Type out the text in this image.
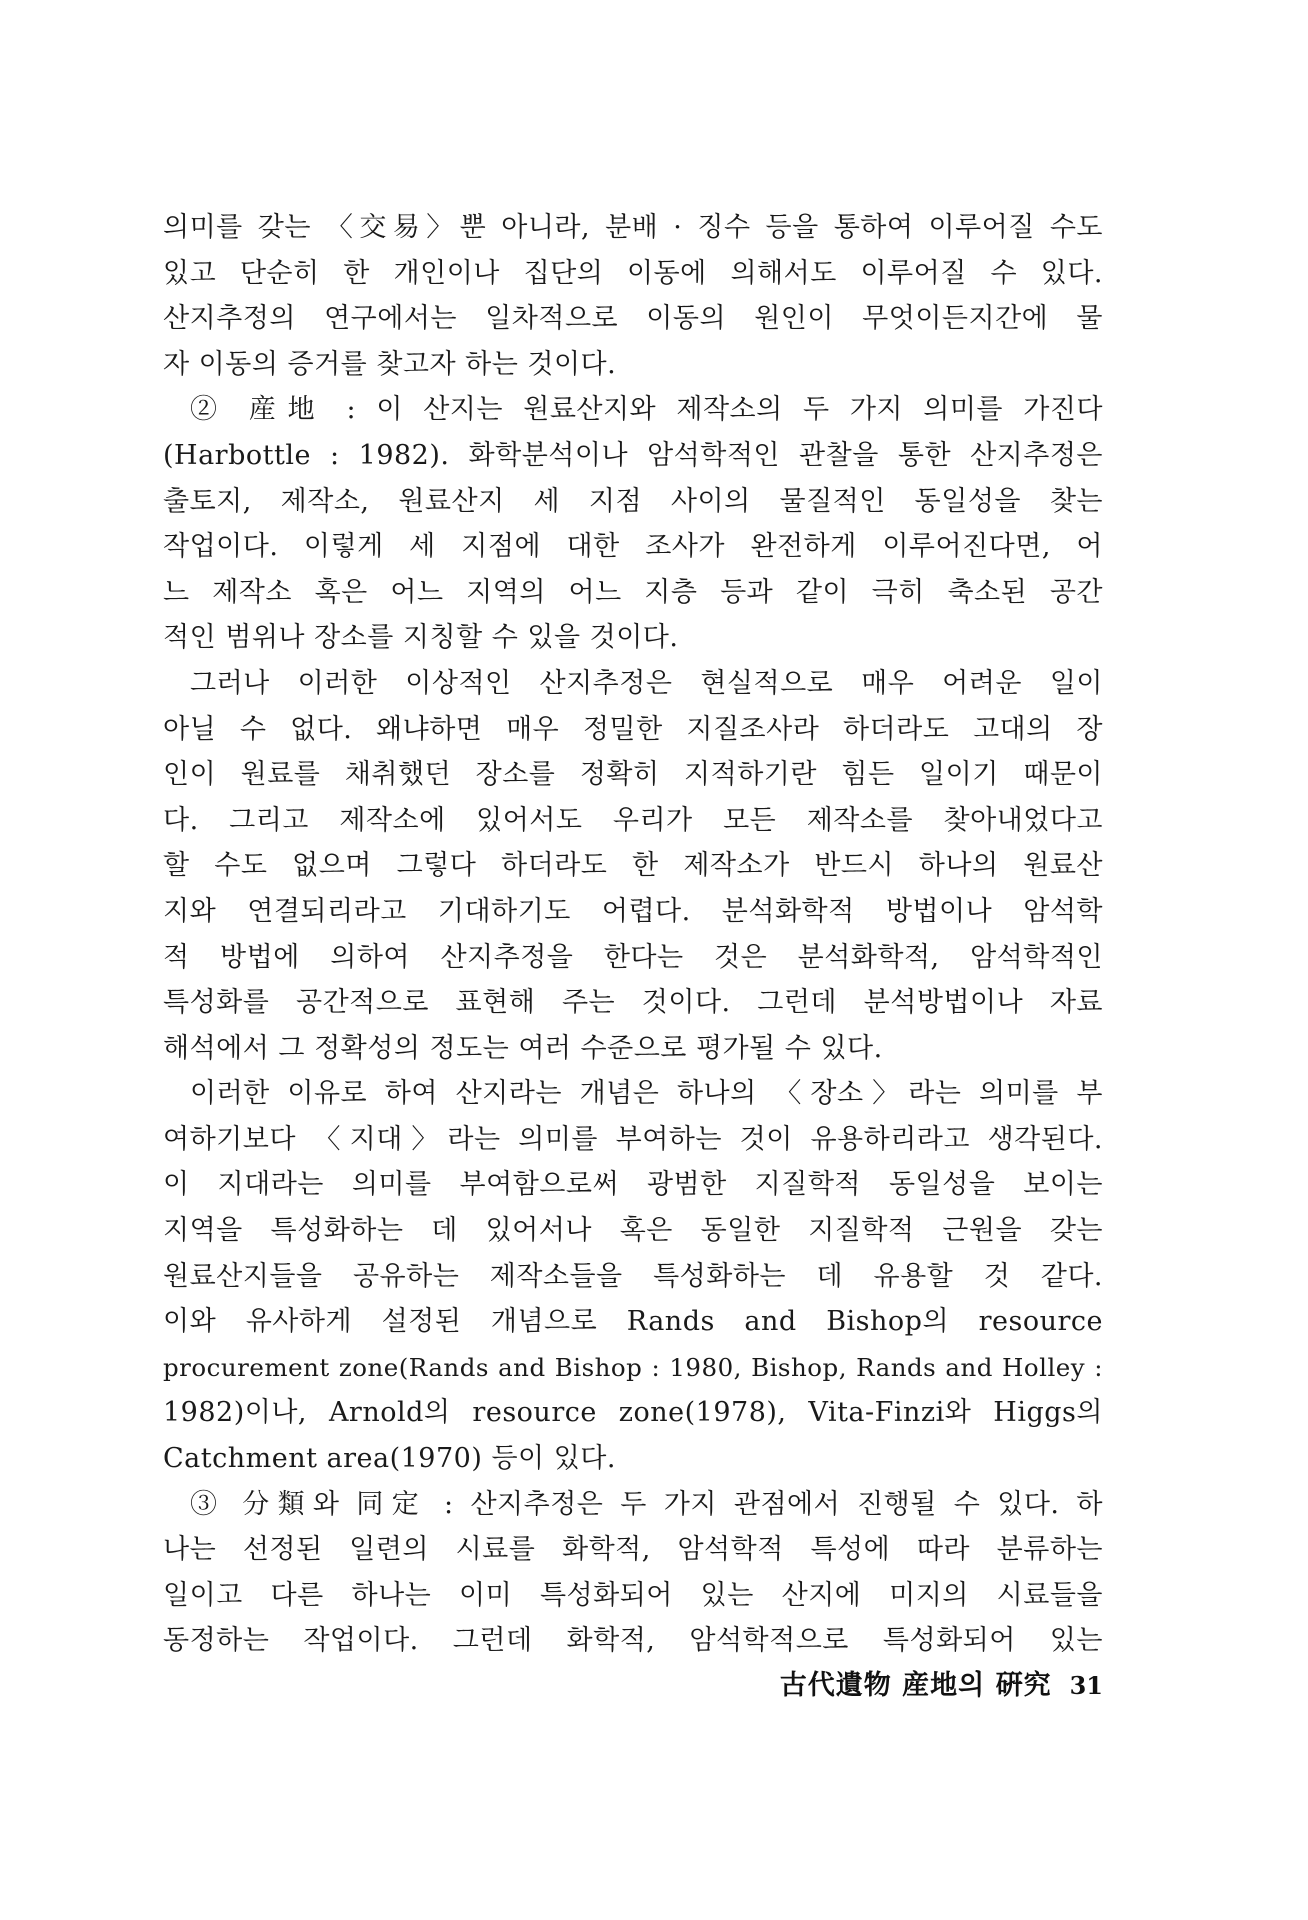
의미를 갖는 〈交易〉뿐 아니라, 분배 · 징수 등을 통하여 이루어질 수도
있고 단순히 한 개인이나 집단의 이동에 의해서도 이루어질 수 있다.
산지추정의 연구에서는 일차적으로 이동의 원인이 무엇이든지간에 물
자 이동의 증거를 찾고자 하는 것이다.
② 産地 : 이 산지는 원료산지와 제작소의 두 가지 의미를 가진다
(Harbottle : 1982). 화학분석이나 암석학적인 관찰을 통한 산지추정은
출토지, 제작소, 원료산지 세 지점 사이의 물질적인 동일성을 찾는
작업이다. 이렇게 세 지점에 대한 조사가 완전하게 이루어진다면, 어
느 제작소 혹은 어느 지역의 어느 지층 등과 같이 극히 축소된 공간
적인 범위나 장소를 지칭할 수 있을 것이다.
그러나 이러한 이상적인 산지추정은 현실적으로 매우 어려운 일이
아닐 수 없다. 왜냐하면 매우 정밀한 지질조사라 하더라도 고대의 장
인이 원료를 채취했던 장소를 정확히 지적하기란 힘든 일이기 때문이
다. 그리고 제작소에 있어서도 우리가 모든 제작소를 찾아내었다고
할 수도 없으며 그렇다 하더라도 한 제작소가 반드시 하나의 원료산
지와 연결되리라고 기대하기도 어렵다. 분석화학적 방법이나 암석학
적 방법에 의하여 산지추정을 한다는 것은 분석화학적, 암석학적인
특성화를 공간적으로 표현해 주는 것이다. 그런데 분석방법이나 자료
해석에서 그 정확성의 정도는 여러 수준으로 평가될 수 있다.
이러한 이유로 하여 산지라는 개념은 하나의 〈장소〉라는 의미를 부
여하기보다 〈지대〉라는 의미를 부여하는 것이 유용하리라고 생각된다.
이 지대라는 의미를 부여함으로써 광범한 지질학적 동일성을 보이는
지역을 특성화하는 데 있어서나 혹은 동일한 지질학적 근원을 갖는
원료산지들을 공유하는 제작소들을 특성화하는 데 유용할 것 같다.
이와 유사하게 설정된 개념으로 Rands and Bishop의 resource
procurement zone(Rands and Bishop : 1980, Bishop, Rands and Holley :
1982)이나, Arnold의 resource zone(1978), Vita-Finzi와 Higgs의
Catchment area(1970) 등이 있다.
③ 分類와 同定 : 산지추정은 두 가지 관점에서 진행될 수 있다. 하
나는 선정된 일련의 시료를 화학적, 암석학적 특성에 따라 분류하는
일이고 다른 하나는 이미 특성화되어 있는 산지에 미지의 시료들을
동정하는 작업이다. 그런데 화학적, 암석학적으로 특성화되어 있는
古代遺物 産地의 硏究 31
